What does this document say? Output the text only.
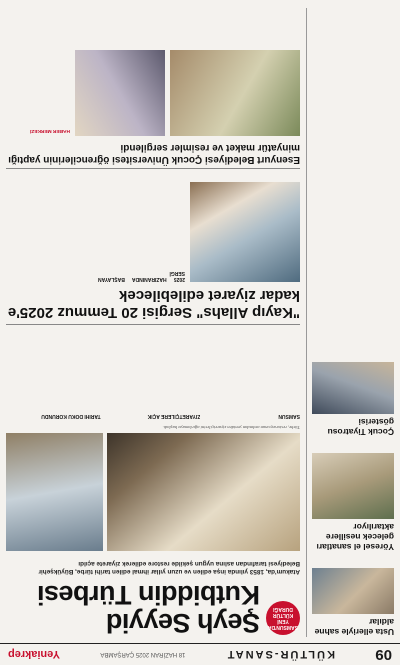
09
KÜLTÜR-SANAT
18 HAZİRAN 2025 ÇARŞAMBA
Yeniakrep
Usta elleriyle sahne aldılar

Yöresel el sanatları gelecek nesillere aktarılıyor

Çocuk Tiyatrosu gösterisi
SAMSUN'DA YENİ KÜLTÜR DURAĞI
Şeyh Seyyid Kutbiddin Türbesi
Atakum'da, 1853 yılında inşa edilen ve uzun yıllar ihmal edilen tarihi türbe, Büyükşehir Belediyesi tarafından aslına uygun şekilde restore edilerek ziyarete açıldı
Türbe, restorasyonun ardından yeniden ziyaretçilerini ağırlamaya başladı.
SAMSUN
ZİYARETÇİLERE AÇIK
TARİHİ DOKU KORUNDU
"Kayıp Allahs" Sergisi 20 Temmuz 2025'e kadar ziyaret edilebilecek
2025 HAZİRANINDA BAŞLAYAN SERGİ
Esenyurt Belediyesi Çocuk Üniversitesi öğrencilerinin yaptığı minyatür maket ve resimler sergilendi
HABER MERKEZİ
